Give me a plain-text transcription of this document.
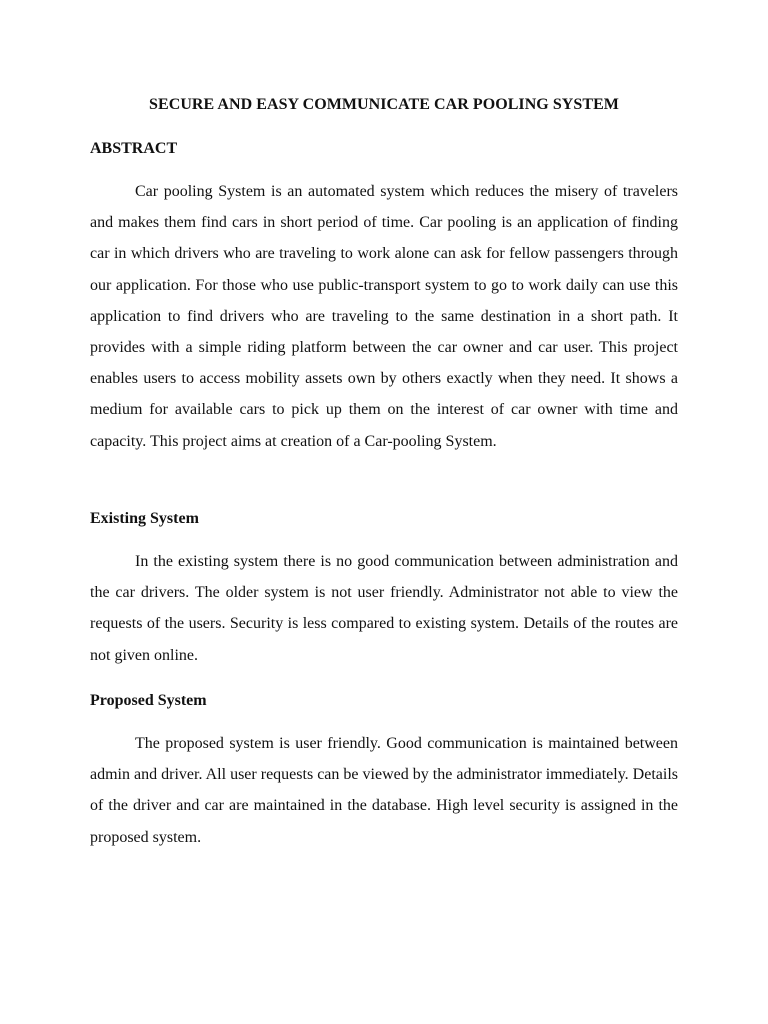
SECURE AND EASY COMMUNICATE CAR POOLING SYSTEM
ABSTRACT

Car pooling System is an automated system which reduces the misery of travelers and makes them find cars in short period of time. Car pooling is an application of finding car in which drivers who are traveling to work alone can ask for fellow passengers through our application. For those who use public-transport system to go to work daily can use this application to find drivers who are traveling to the same destination in a short path. It provides with a simple riding platform between the car owner and car user. This project enables users to access mobility assets own by others exactly when they need. It shows a medium for available cars to pick up them on the interest of car owner with time and capacity. This project aims at creation of a Car-pooling System.

Existing System

In the existing system there is no good communication between administration and the car drivers. The older system is not user friendly. Administrator not able to view the requests of the users. Security is less compared to existing system. Details of the routes are not given online.

Proposed System

The proposed system is user friendly. Good communication is maintained between admin and driver. All user requests can be viewed by the administrator immediately. Details of the driver and car are maintained in the database. High level security is assigned in the proposed system.
